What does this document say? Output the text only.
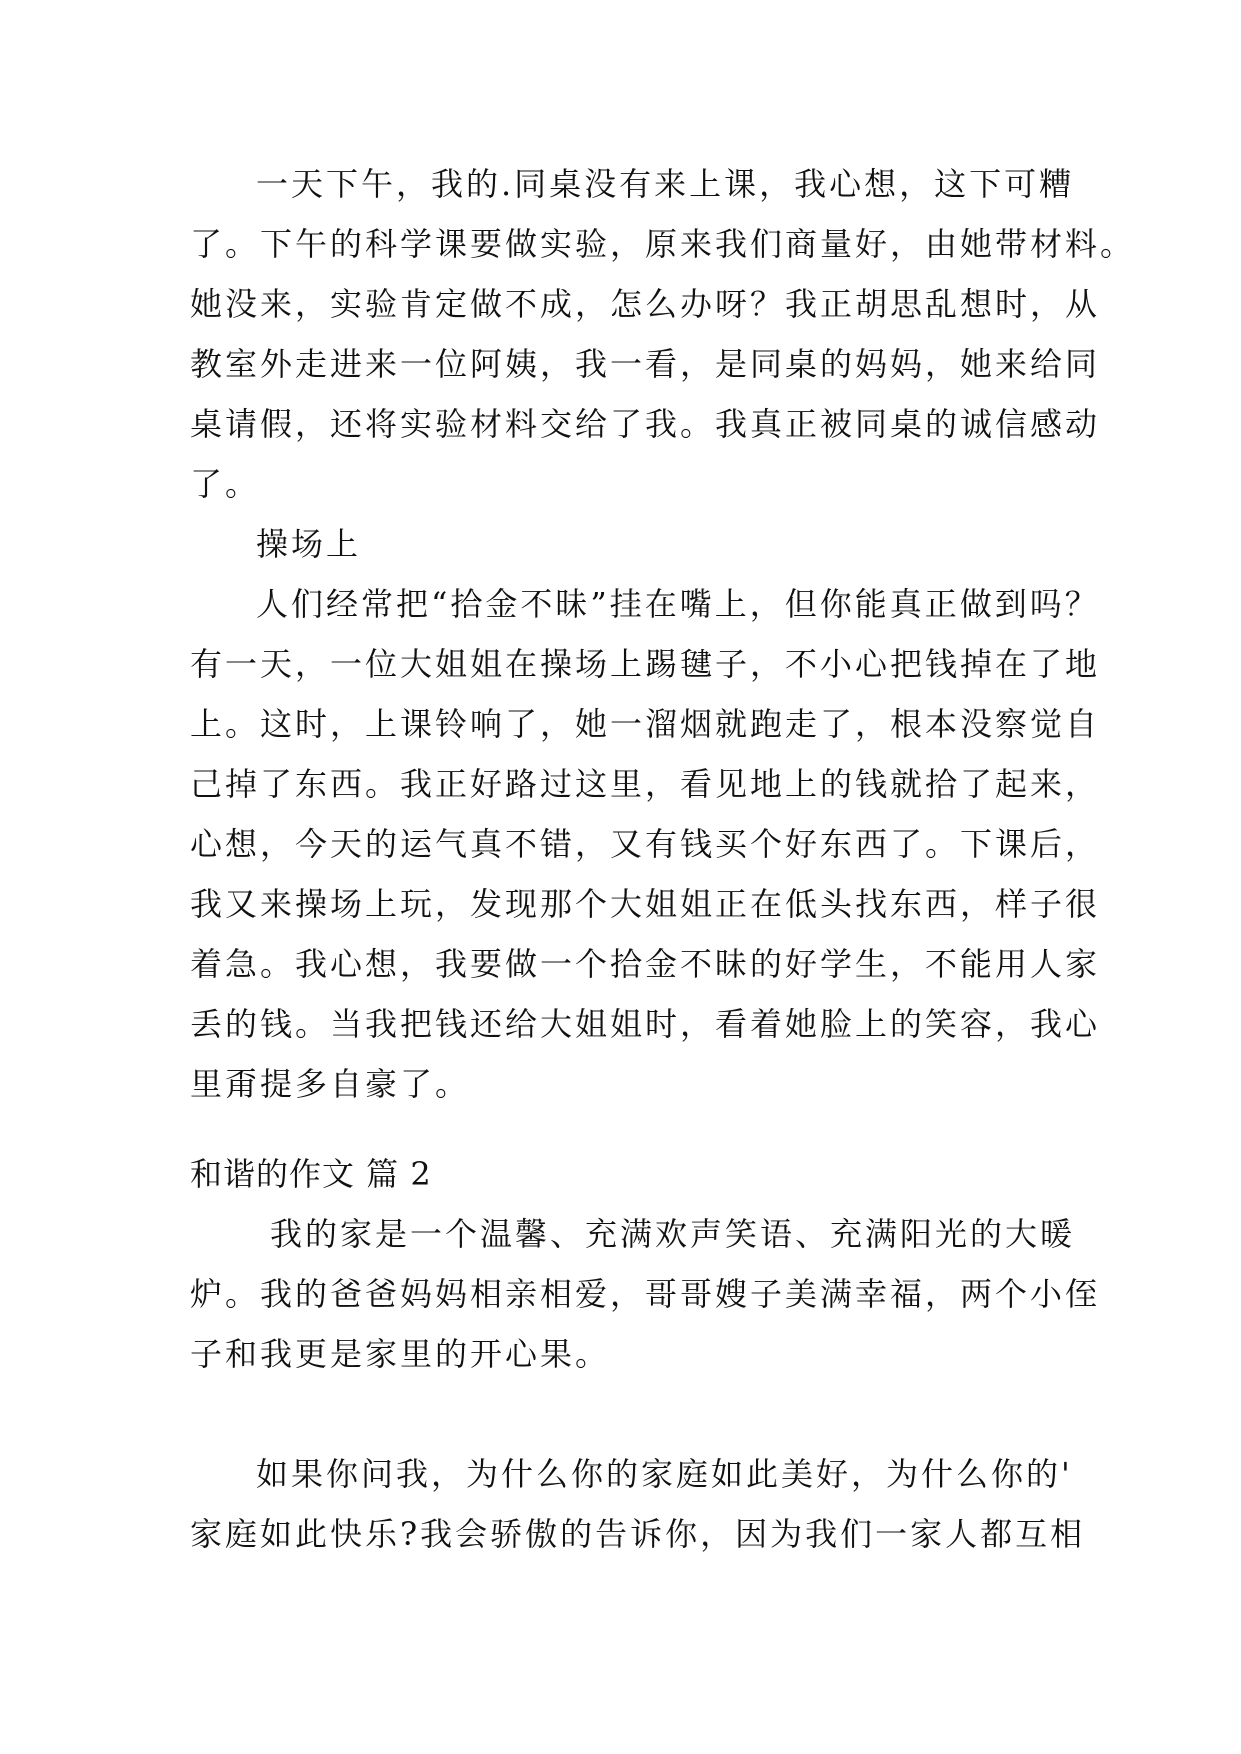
一天下午，我的.同桌没有来上课，我心想，这下可糟

了。下午的科学课要做实验，原来我们商量好，由她带材料。

她没来，实验肯定做不成，怎么办呀？我正胡思乱想时，从

教室外走进来一位阿姨，我一看，是同桌的妈妈，她来给同

桌请假，还将实验材料交给了我。我真正被同桌的诚信感动

了。

操场上

人们经常把“拾金不昧”挂在嘴上，但你能真正做到吗？

有一天，一位大姐姐在操场上踢毽子，不小心把钱掉在了地

上。这时，上课铃响了，她一溜烟就跑走了，根本没察觉自

己掉了东西。我正好路过这里，看见地上的钱就拾了起来，

心想，今天的运气真不错，又有钱买个好东西了。下课后，

我又来操场上玩，发现那个大姐姐正在低头找东西，样子很

着急。我心想，我要做一个拾金不昧的好学生，不能用人家

丢的钱。当我把钱还给大姐姐时，看着她脸上的笑容，我心

里甭提多自豪了。

和谐的作文 篇 2

我的家是一个温馨、充满欢声笑语、充满阳光的大暖

炉。我的爸爸妈妈相亲相爱，哥哥嫂子美满幸福，两个小侄

子和我更是家里的开心果。

如果你问我，为什么你的家庭如此美好，为什么你的'

家庭如此快乐?我会骄傲的告诉你，因为我们一家人都互相
